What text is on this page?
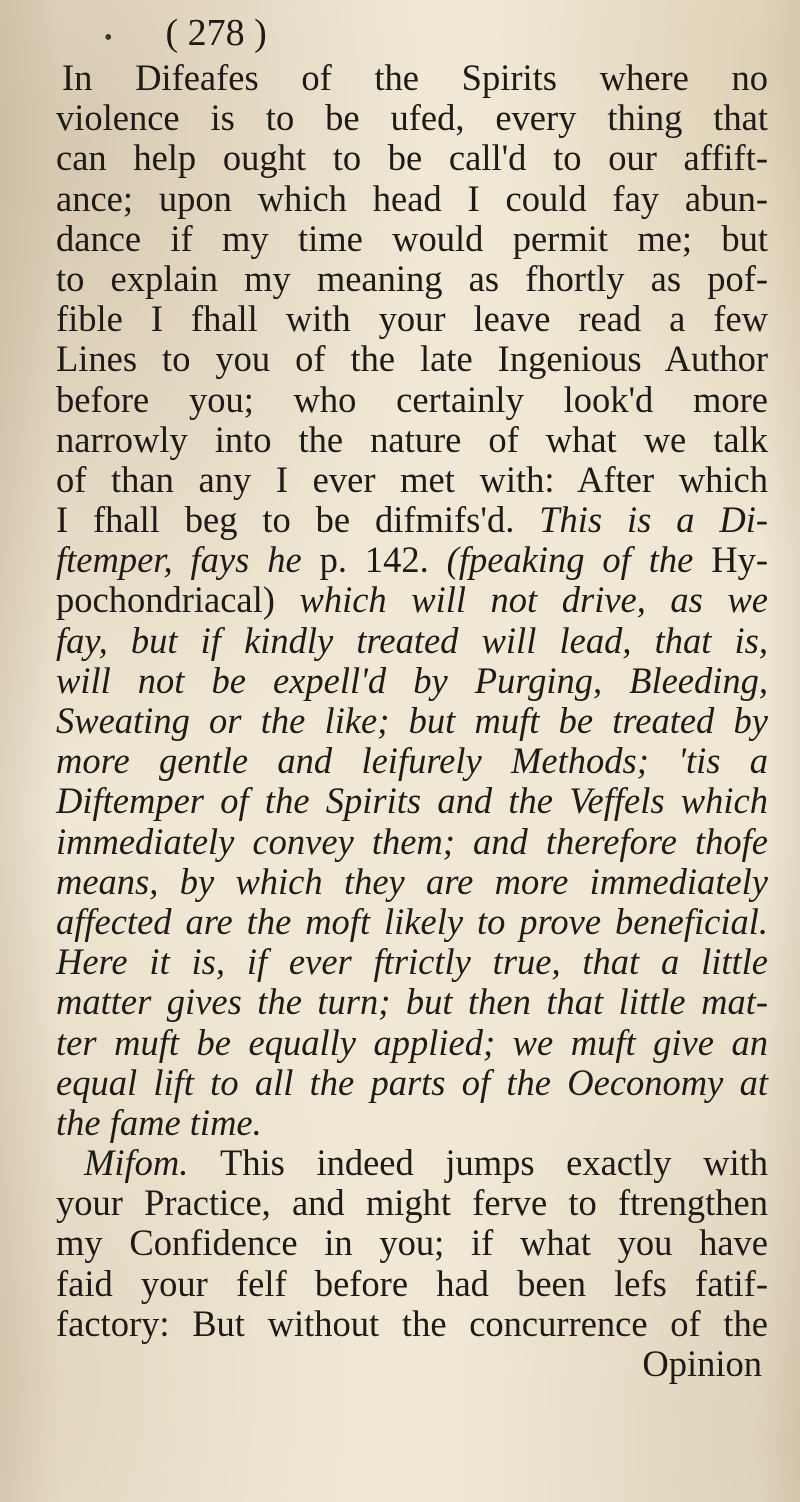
• ( 278 )
In Difeafes of the Spirits where no
violence is to be ufed, every thing that
can help ought to be call'd to our affift-
ance; upon which head I could fay abun-
dance if my time would permit me; but
to explain my meaning as fhortly as pof-
fible I fhall with your leave read a few
Lines to you of the late Ingenious Author
before you; who certainly look'd more
narrowly into the nature of what we talk
of than any I ever met with: After which
I fhall beg to be difmifs'd. This is a Di-
ftemper, fays he p. 142. (fpeaking of the Hy-
pochondriacal) which will not drive, as we
fay, but if kindly treated will lead, that is,
will not be expell'd by Purging, Bleeding,
Sweating or the like; but muft be treated by
more gentle and leifurely Methods; 'tis a
Diftemper of the Spirits and the Veffels which
immediately convey them; and therefore thofe
means, by which they are more immediately
affected are the moft likely to prove beneficial.
Here it is, if ever ftrictly true, that a little
matter gives the turn; but then that little mat-
ter muft be equally applied; we muft give an
equal lift to all the parts of the Oeconomy at
the fame time.
Mifom. This indeed jumps exactly with
your Practice, and might ferve to ftrengthen
my Confidence in you; if what you have
faid your felf before had been lefs fatif-
factory: But without the concurrence of the
Opinion
